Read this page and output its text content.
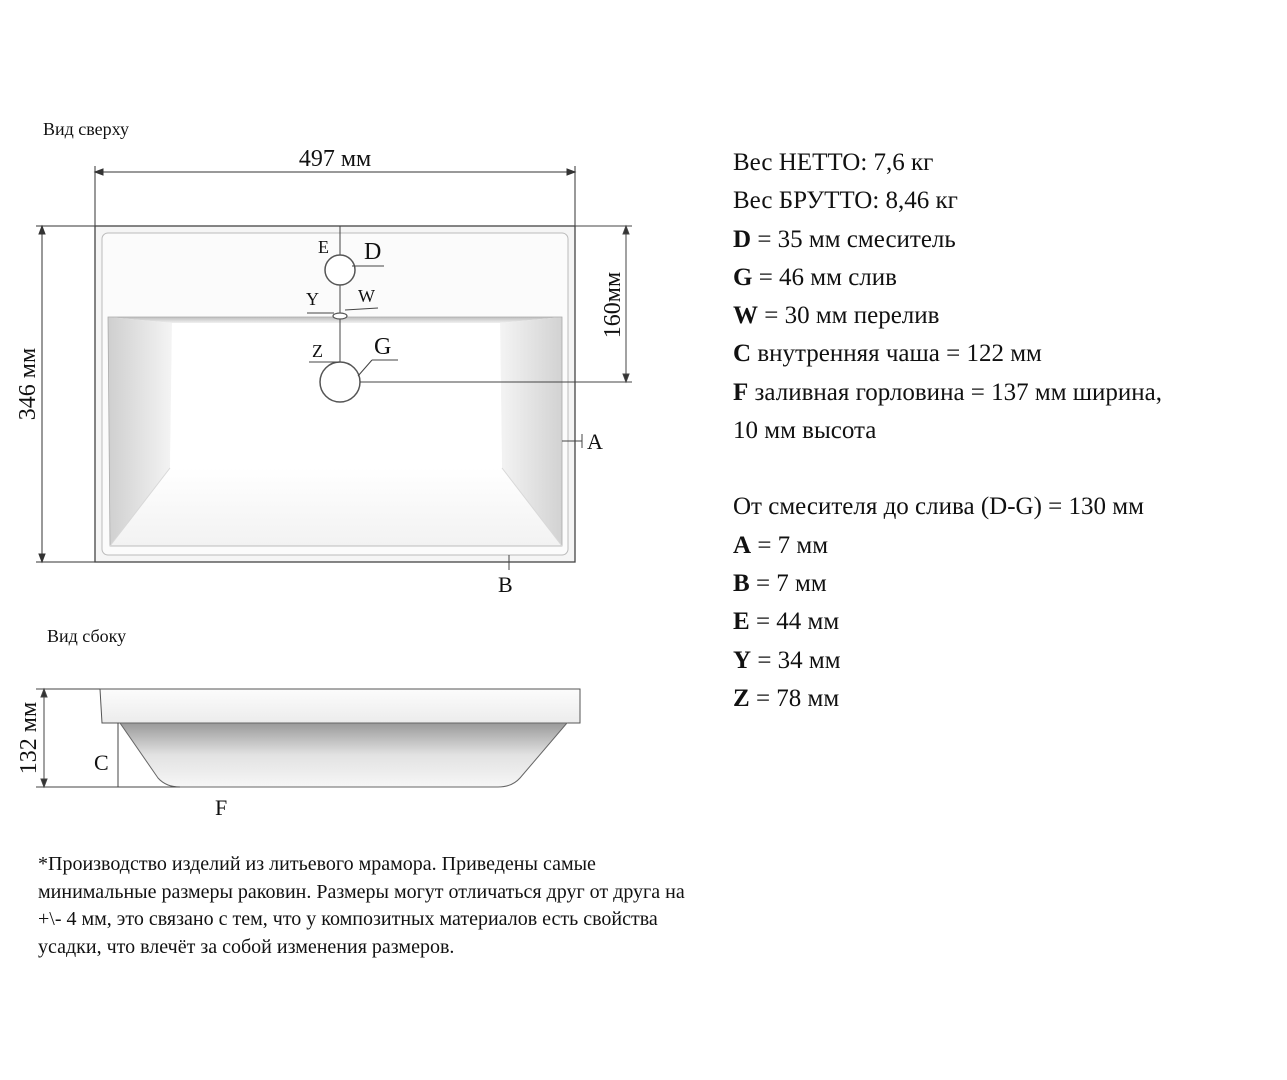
Вид сверху
497 мм
346 мм
160мм
E D
Y W
Z G
A
B
Вид сбоку
132 мм C
F
Вес НЕТТО: 7,6 кг
Вес БРУТТО: 8,46 кг
D = 35 мм смеситель
G = 46 мм слив
W = 30 мм перелив
C внутренняя чаша = 122 мм
F заливная горловина = 137 мм ширина,
10 мм высота
От смесителя до слива (D-G) = 130 мм
A = 7 мм
B = 7 мм
E = 44 мм
Y = 34 мм
Z = 78 мм
*Производство изделий из литьевого мрамора. Приведены самые
минимальные размеры раковин. Размеры могут отличаться друг от друга на
+\- 4 мм, это связано с тем, что у композитных материалов есть свойства
усадки, что влечёт за собой изменения размеров.
